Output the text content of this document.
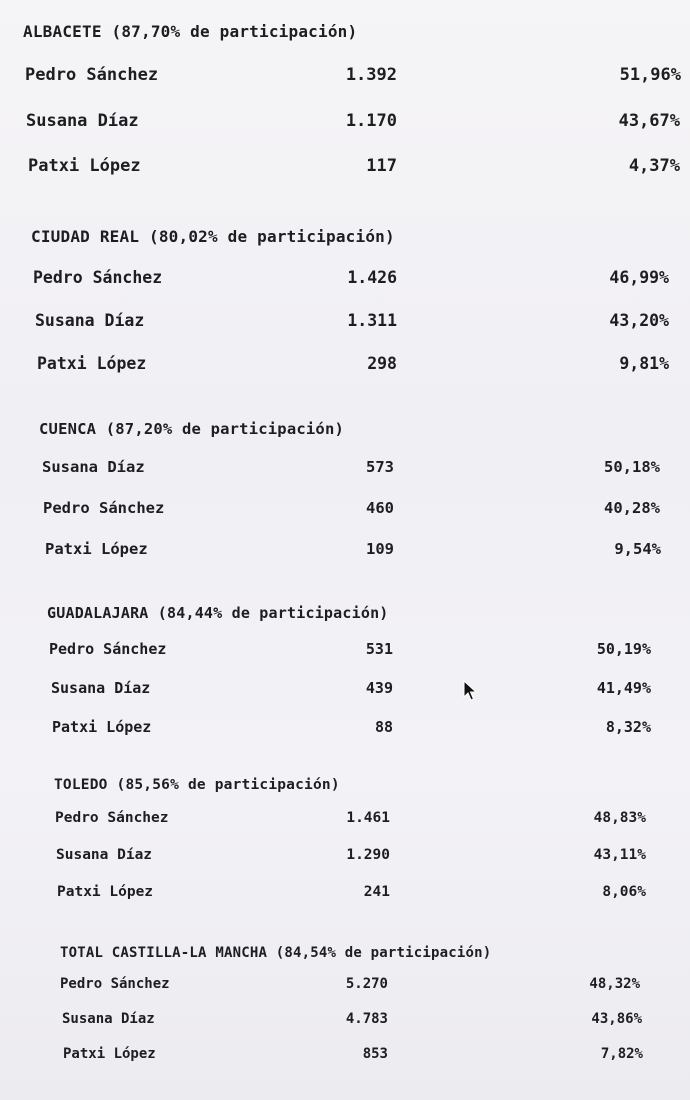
ALBACETE (87,70% de participación)
Pedro Sánchez	1.392	51,96%
Susana Díaz	1.170	43,67%
Patxi López	117	4,37%
CIUDAD REAL (80,02% de participación)
Pedro Sánchez	1.426	46,99%
Susana Díaz	1.311	43,20%
Patxi López	298	9,81%
CUENCA (87,20% de participación)
Susana Díaz	573	50,18%
Pedro Sánchez	460	40,28%
Patxi López	109	9,54%
GUADALAJARA (84,44% de participación)
Pedro Sánchez	531	50,19%
Susana Díaz	439	41,49%
Patxi López	88	8,32%
TOLEDO (85,56% de participación)
Pedro Sánchez	1.461	48,83%
Susana Díaz	1.290	43,11%
Patxi López	241	8,06%
TOTAL CASTILLA-LA MANCHA (84,54% de participación)
Pedro Sánchez	5.270	48,32%
Susana Díaz	4.783	43,86%
Patxi López	853	7,82%
